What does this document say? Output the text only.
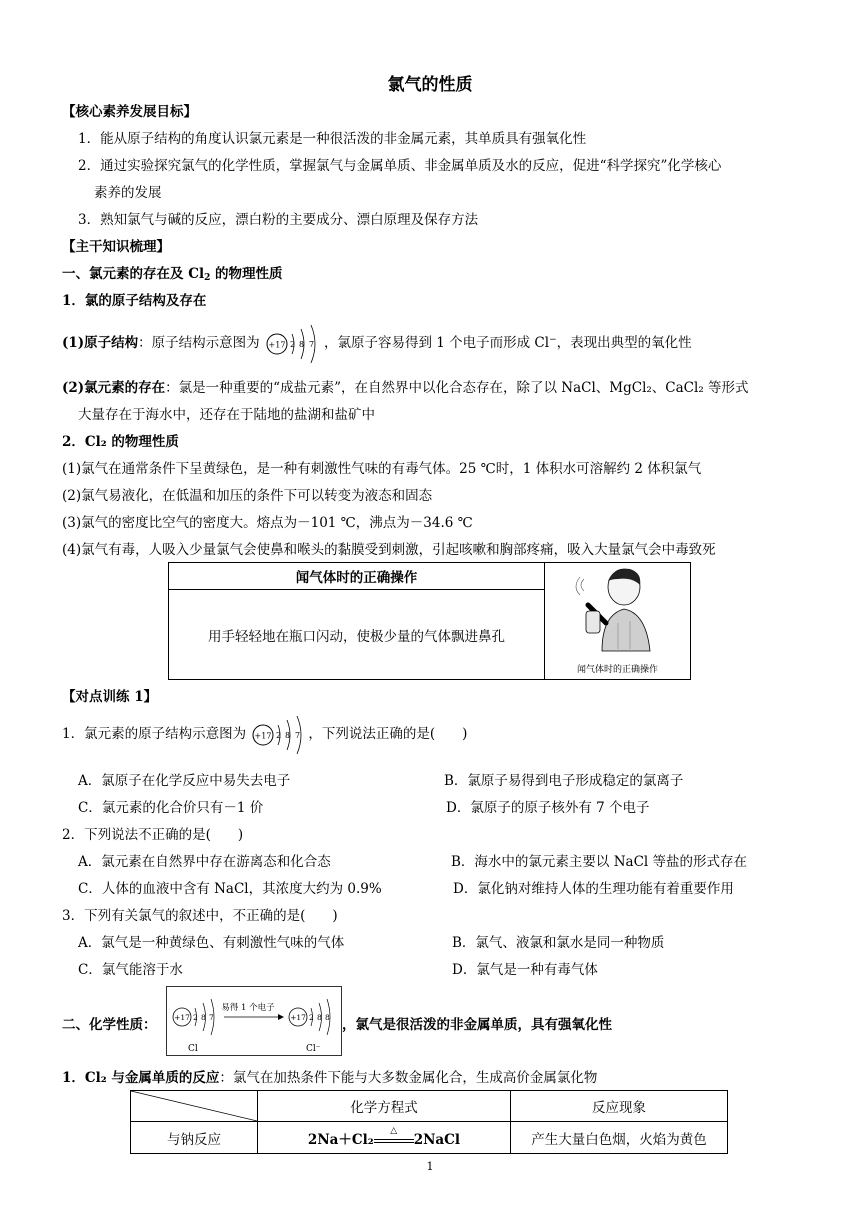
氯气的性质
【核心素养发展目标】
1．能从原子结构的角度认识氯元素是一种很活泼的非金属元素，其单质具有强氧化性
2．通过实验探究氯气的化学性质，掌握氯气与金属单质、非金属单质及水的反应，促进“科学探究”化学核心
素养的发展
3．熟知氯气与碱的反应，漂白粉的主要成分、漂白原理及保存方法
【主干知识梳理】
一、氯元素的存在及 $Cl_2$ 的物理性质
1．氯的原子结构及存在
(1)原子结构：原子结构示意图为 +17 2 8 7 ，氯原子容易得到 1 个电子而形成 Cl−，表现出典型的氧化性
(2)氯元素的存在：氯是一种重要的“成盐元素”，在自然界中以化合态存在，除了以 NaCl、MgCl₂、CaCl₂ 等形式
大量存在于海水中，还存在于陆地的盐湖和盐矿中
2．Cl₂ 的物理性质
(1)氯气在通常条件下呈黄绿色，是一种有刺激性气味的有毒气体。25 ℃时，1 体积水可溶解约 2 体积氯气
(2)氯气易液化，在低温和加压的条件下可以转变为液态和固态
(3)氯气的密度比空气的密度大。熔点为－101 ℃，沸点为－34.6 ℃
(4)氯气有毒，人吸入少量氯气会使鼻和喉头的黏膜受到刺激，引起咳嗽和胸部疼痛，吸入大量氯气会中毒致死
闻气体时的正确操作	
闻气体时的正确操作

用手轻轻地在瓶口闪动，使极少量的气体飘进鼻孔
【对点训练 1】
1．氯元素的原子结构示意图为 +17 2 8 7 ，下列说法正确的是(　　)
A．氯原子在化学反应中易失去电子	B．氯原子易得到电子形成稳定的氯离子
C．氯元素的化合价只有－1 价	D．氯原子的原子核外有 7 个电子
2．下列说法不正确的是(　　)
A．氯元素在自然界中存在游离态和化合态	B．海水中的氯元素主要以 NaCl 等盐的形式存在
C．人体的血液中含有 NaCl，其浓度大约为 0.9%	D．氯化钠对维持人体的生理功能有着重要作用
3．下列有关氯气的叙述中，不正确的是(　　)
A．氯气是一种黄绿色、有刺激性气味的气体	B．氯气、液氯和氯水是同一种物质
C．氯气能溶于水	D．氯气是一种有毒气体
二、化学性质： +17 2 8 7
易得 1 个电子
+17 2 8 8
Cl	Cl⁻
，氯气是很活泼的非金属单质，具有强氧化性
1．Cl₂ 与金属单质的反应：氯气在加热条件下能与大多数金属化合，生成高价金属氯化物
	化学方程式	反应现象
与钠反应	2Na＋Cl₂
△
2NaCl	产生大量白色烟，火焰为黄色
1
